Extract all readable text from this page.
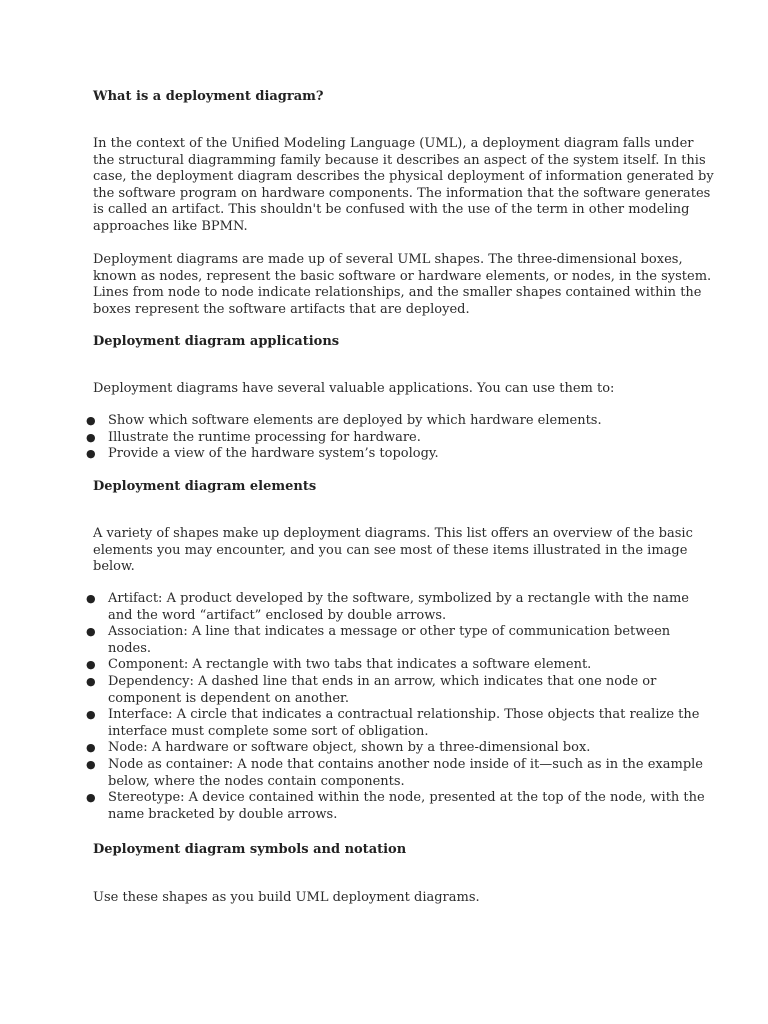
What is a deployment diagram?
In the context of the Unified Modeling Language (UML), a deployment diagram falls under
the structural diagramming family because it describes an aspect of the system itself. In this
case, the deployment diagram describes the physical deployment of information generated by
the software program on hardware components. The information that the software generates
is called an artifact. This shouldn't be confused with the use of the term in other modeling
approaches like BPMN.
Deployment diagrams are made up of several UML shapes. The three-dimensional boxes,
known as nodes, represent the basic software or hardware elements, or nodes, in the system.
Lines from node to node indicate relationships, and the smaller shapes contained within the
boxes represent the software artifacts that are deployed.
Deployment diagram applications
Deployment diagrams have several valuable applications. You can use them to:
● Show which software elements are deployed by which hardware elements.
● Illustrate the runtime processing for hardware.
● Provide a view of the hardware system’s topology.
Deployment diagram elements
A variety of shapes make up deployment diagrams. This list offers an overview of the basic
elements you may encounter, and you can see most of these items illustrated in the image
below.
● Artifact: A product developed by the software, symbolized by a rectangle with the name
and the word “artifact” enclosed by double arrows.
● Association: A line that indicates a message or other type of communication between
nodes.
● Component: A rectangle with two tabs that indicates a software element.
● Dependency: A dashed line that ends in an arrow, which indicates that one node or
component is dependent on another.
● Interface: A circle that indicates a contractual relationship. Those objects that realize the
interface must complete some sort of obligation.
● Node: A hardware or software object, shown by a three-dimensional box.
● Node as container: A node that contains another node inside of it—such as in the example
below, where the nodes contain components.
● Stereotype: A device contained within the node, presented at the top of the node, with the
name bracketed by double arrows.
Deployment diagram symbols and notation
Use these shapes as you build UML deployment diagrams.
